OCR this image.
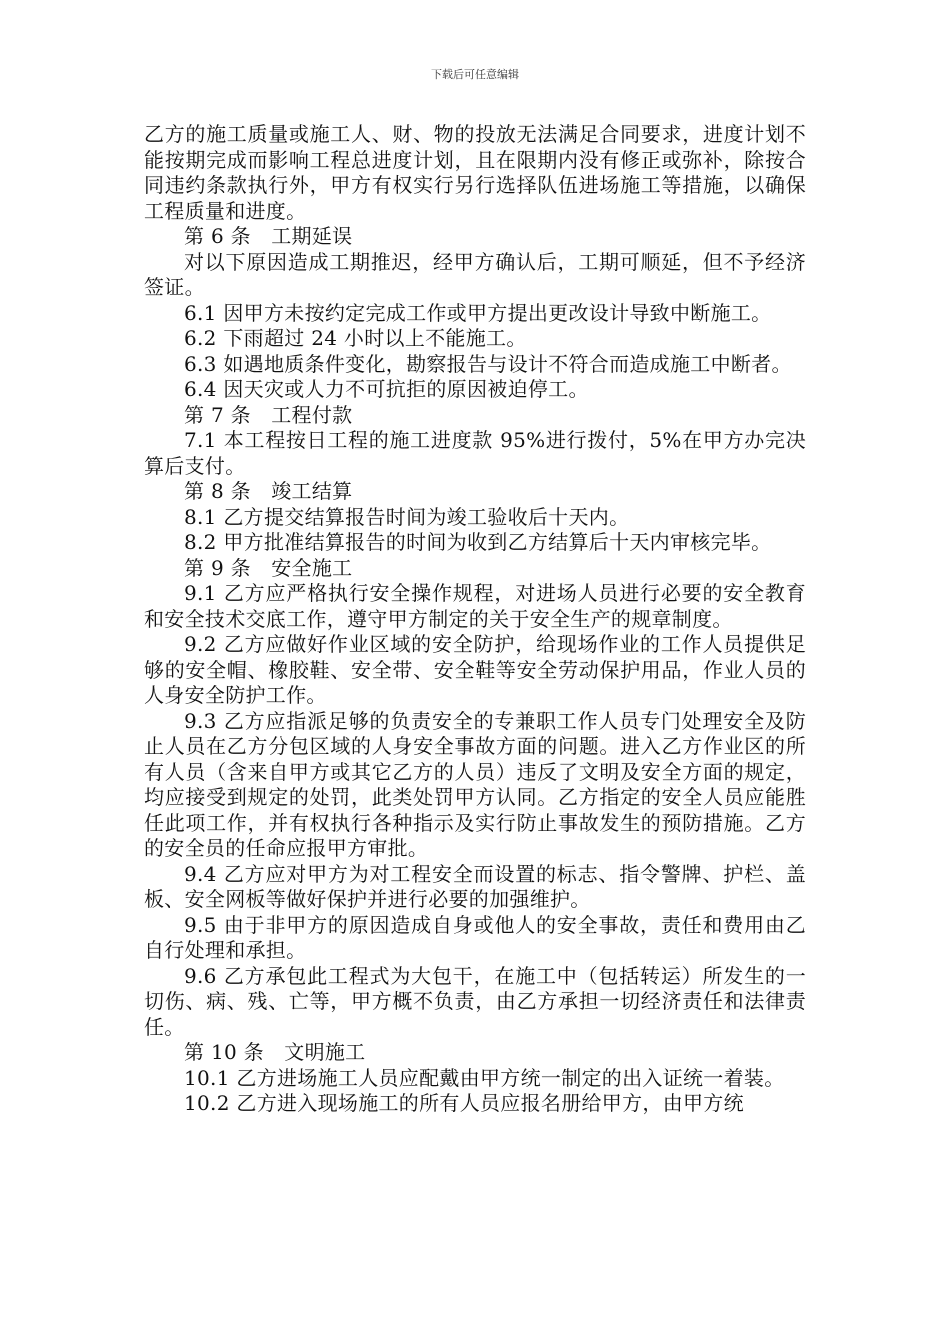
下载后可任意编辑

乙方的施工质量或施工人、财、物的投放无法满足合同要求，进度计划不能按期完成而影响工程总进度计划，且在限期内没有修正或弥补，除按合同违约条款执行外，甲方有权实行另行选择队伍进场施工等措施，以确保工程质量和进度。

第 6 条　工期延误

对以下原因造成工期推迟，经甲方确认后，工期可顺延，但不予经济签证。

6.1 因甲方未按约定完成工作或甲方提出更改设计导致中断施工。

6.2 下雨超过 24 小时以上不能施工。

6.3 如遇地质条件变化，勘察报告与设计不符合而造成施工中断者。

6.4 因天灾或人力不可抗拒的原因被迫停工。

第 7 条　工程付款

7.1 本工程按日工程的施工进度款 95%进行拨付，5%在甲方办完决算后支付。

第 8 条　竣工结算

8.1 乙方提交结算报告时间为竣工验收后十天内。

8.2 甲方批准结算报告的时间为收到乙方结算后十天内审核完毕。

第 9 条　安全施工

9.1 乙方应严格执行安全操作规程，对进场人员进行必要的安全教育和安全技术交底工作，遵守甲方制定的关于安全生产的规章制度。

9.2 乙方应做好作业区域的安全防护，给现场作业的工作人员提供足够的安全帽、橡胶鞋、安全带、安全鞋等安全劳动保护用品，作业人员的人身安全防护工作。

9.3 乙方应指派足够的负责安全的专兼职工作人员专门处理安全及防止人员在乙方分包区域的人身安全事故方面的问题。进入乙方作业区的所有人员（含来自甲方或其它乙方的人员）违反了文明及安全方面的规定，均应接受到规定的处罚，此类处罚甲方认同。乙方指定的安全人员应能胜任此项工作，并有权执行各种指示及实行防止事故发生的预防措施。乙方的安全员的任命应报甲方审批。

9.4 乙方应对甲方为对工程安全而设置的标志、指令警牌、护栏、盖板、安全网板等做好保护并进行必要的加强维护。

9.5 由于非甲方的原因造成自身或他人的安全事故，责任和费用由乙自行处理和承担。

9.6 乙方承包此工程式为大包干，在施工中（包括转运）所发生的一切伤、病、残、亡等，甲方概不负责，由乙方承担一切经济责任和法律责任。

第 10 条　文明施工

10.1 乙方进场施工人员应配戴由甲方统一制定的出入证统一着装。

10.2 乙方进入现场施工的所有人员应报名册给甲方，由甲方统
